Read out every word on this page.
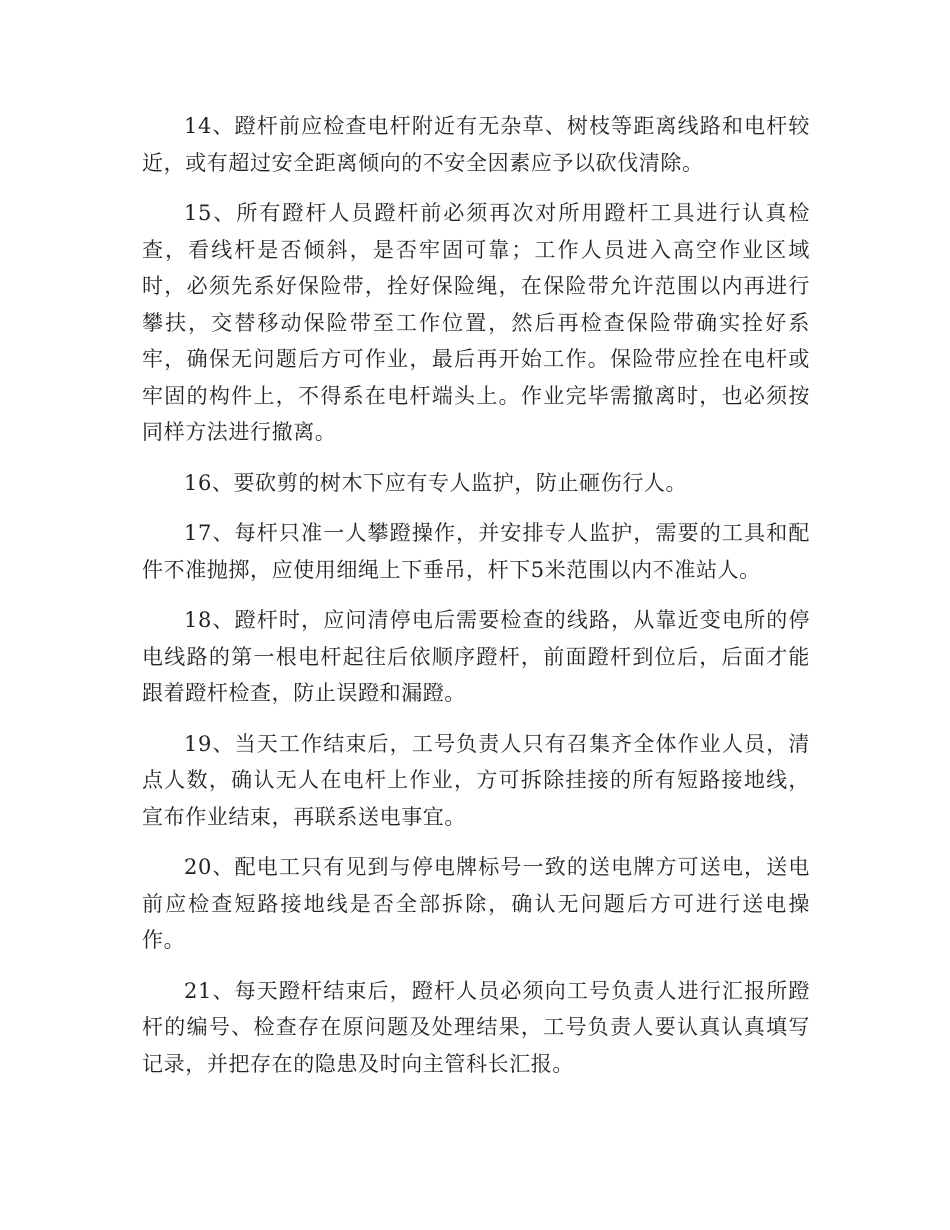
14、蹬杆前应检查电杆附近有无杂草、树枝等距离线路和电杆较近，或有超过安全距离倾向的不安全因素应予以砍伐清除。

15、所有蹬杆人员蹬杆前必须再次对所用蹬杆工具进行认真检查，看线杆是否倾斜，是否牢固可靠；工作人员进入高空作业区域时，必须先系好保险带，拴好保险绳，在保险带允许范围以内再进行攀扶，交替移动保险带至工作位置，然后再检查保险带确实拴好系牢，确保无问题后方可作业，最后再开始工作。保险带应拴在电杆或牢固的构件上，不得系在电杆端头上。作业完毕需撤离时，也必须按同样方法进行撤离。

16、要砍剪的树木下应有专人监护，防止砸伤行人。

17、每杆只准一人攀蹬操作，并安排专人监护，需要的工具和配件不准抛掷，应使用细绳上下垂吊，杆下5米范围以内不准站人。

18、蹬杆时，应问清停电后需要检查的线路，从靠近变电所的停电线路的第一根电杆起往后依顺序蹬杆，前面蹬杆到位后，后面才能跟着蹬杆检查，防止误蹬和漏蹬。

19、当天工作结束后，工号负责人只有召集齐全体作业人员，清点人数，确认无人在电杆上作业，方可拆除挂接的所有短路接地线，宣布作业结束，再联系送电事宜。

20、配电工只有见到与停电牌标号一致的送电牌方可送电，送电前应检查短路接地线是否全部拆除，确认无问题后方可进行送电操作。

21、每天蹬杆结束后，蹬杆人员必须向工号负责人进行汇报所蹬杆的编号、检查存在原问题及处理结果，工号负责人要认真认真填写记录，并把存在的隐患及时向主管科长汇报。
